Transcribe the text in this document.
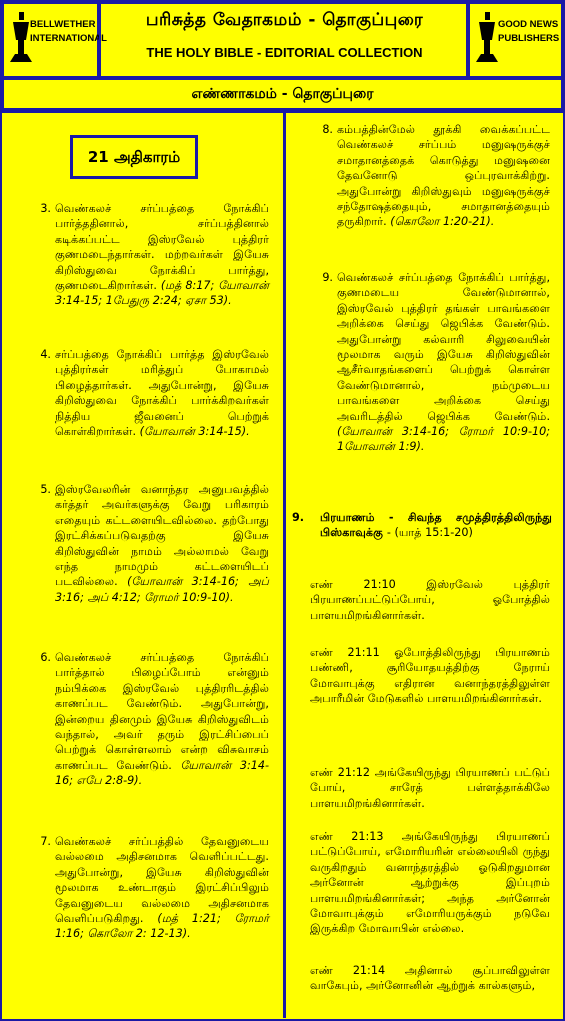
BELLWETHER
INTERNATIONAL
பரிசுத்த வேதாகமம் - தொகுப்புரை
THE HOLY BIBLE - EDITORIAL COLLECTION
GOOD NEWS
PUBLISHERS
எண்ணாகமம் - தொகுப்புரை
21 அதிகாரம்
3. வெண்கலச் சர்ப்பத்தை நோக்கிப் பார்த்ததினால், சர்ப்பத்தினால் கடிக்கப்பட்ட இஸ்ரவேல் புத்திரர் குணமடைந்தார்கள். மற்றவர்கள் இயேசு கிறிஸ்துவை நோக்கிப் பார்த்து, குணமடைகிறார்கள். (மத் 8:17; யோவான் 3:14-15; 1பேதுரு 2:24; ஏசா 53).
4. சர்ப்பத்தை நோக்கிப் பார்த்த இஸ்ரவேல் புத்திரர்கள் மரித்துப் போகாமல் பிழைத்தார்கள். அதுபோன்று, இயேசு கிறிஸ்துவை நோக்கிப் பார்க்கிறவர்கள் நித்திய ஜீவனைப் பெற்றுக் கொள்கிறார்கள். (யோவான் 3:14-15).
5. இஸ்ரவேலரின் வனாந்தர அனுபவத்தில் கர்த்தர் அவர்களுக்கு வேறு பரிகாரம் எதையும் கட்டளையிடவில்லை. தற்போது இரட்சிக்கப்படுவதற்கு இயேசு கிறிஸ்துவின் நாமம் அல்லாமல் வேறு எந்த நாமமும் கட்டளையிடப் படவில்லை. (யோவான் 3:14-16; அப் 3:16; அப் 4:12; ரோமர் 10:9-10).
6. வெண்கலச் சர்ப்பத்தை நோக்கிப் பார்த்தால் பிழைப்போம் என்னும் நம்பிக்கை இஸ்ரவேல் புத்திரரிடத்தில் காணப்பட வேண்டும். அதுபோன்று, இன்றைய தினமும் இயேசு கிறிஸ்துவிடம் வந்தால், அவர் தரும் இரட்சிப்பைப் பெற்றுக் கொள்ளலாம் என்ற விசுவாசம் காணப்பட வேண்டும். யோவான் 3:14-16; எபே 2:8-9).
7. வெண்கலச் சர்ப்பத்தில் தேவனுடைய வல்லமை அதிசனமாக வெளிப்பட்டது. அதுபோன்று, இயேசு கிறிஸ்துவின் மூலமாக உண்டாகும் இரட்சிப்பிலும் தேவனுடைய வல்லமை அதிசனமாக வெளிப்படுகிறது. (மத் 1:21; ரோமர் 1:16; கொலோ 2: 12-13).
8. கம்பத்தின்மேல் தூக்கி வைக்கப்பட்ட வெண்கலச் சர்ப்பம் மனுஷருக்குச் சமாதானத்தைக் கொடுத்து மனுஷனை தேவனோடு ஒப்புரவாக்கிற்று. அதுபோன்று கிறிஸ்துவும் மனுஷருக்குச் சந்தோஷத்தையும், சமாதானத்தையும் தருகிறார். (கொலோ 1:20-21).
9. வெண்கலச் சர்ப்பத்தை நோக்கிப் பார்த்து, குணமடைய வேண்டுமானால், இஸ்ரவேல் புத்திரர் தங்கள் பாவங்களை அறிக்கை செய்து ஜெபிக்க வேண்டும். அதுபோன்று கல்வாரி சிலுவையின் மூலமாக வரும் இயேசு கிறிஸ்துவின் ஆசீர்வாதங்களைப் பெற்றுக் கொள்ள வேண்டுமானால், நம்முடைய பாவங்களை அறிக்கை செய்து அவரிடத்தில் ஜெபிக்க வேண்டும். (யோவான் 3:14-16; ரோமர் 10:9-10; 1யோவான் 1:9).
9. பிரயாணம் - சிவந்த சமுத்திரத்திலிருந்து பிஸ்காவுக்கு - (யாத் 15:1-20)
எண் 21:10 இஸ்ரவேல் புத்திரர் பிரயாணப்பட்டுப்போய், ஓபோத்தில் பாளயமிறங்கினார்கள்.
எண் 21:11 ஓபோத்திலிருந்து பிரயாணம் பண்ணி, சூரியோதயத்திற்கு நேராய் மோவாபுக்கு எதிரான வனாந்தரத்திலுள்ள அபாரீமின் மேடுகளில் பாளயமிறங்கினார்கள்.
எண் 21:12 அங்கேயிருந்து பிரயாணப் பட்டுப் போய், சாரேத் பள்ளத்தாக்கிலே பாளயமிறங்கினார்கள்.
எண் 21:13 அங்கேயிருந்து பிரயாணப் பட்டுப்போய், எமோரியரின் எல்லையிலி ருந்து வருகிறதும் வனாந்தரத்தில் ஓடுகிறதுமான அர்னோன் ஆற்றுக்கு இப்புறம் பாளயமிறங்கினார்கள்; அந்த அர்னோன் மோவாபுக்கும் எமோரியருக்கும் நடுவே இருக்கிற மோவாபின் எல்லை.
எண் 21:14 அதினால் சூப்பாவிலுள்ள வாகேபும், அர்னோனின் ஆற்றுக் கால்களும்,
